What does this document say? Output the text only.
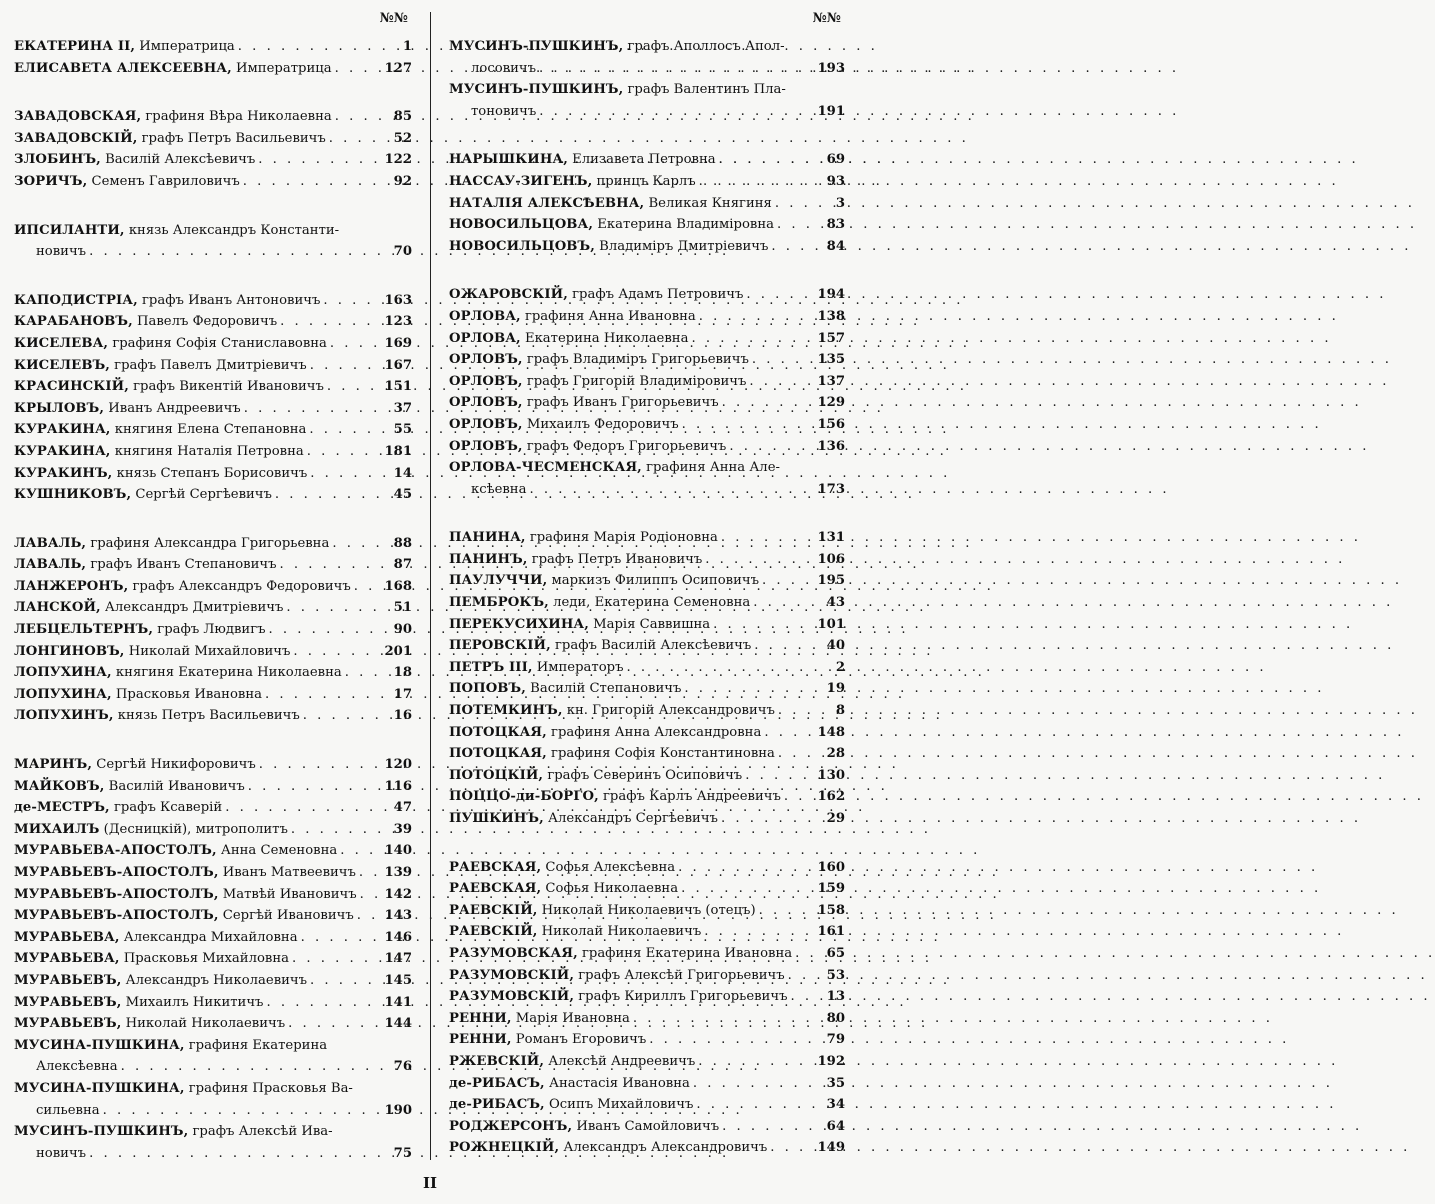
№№
ЕКАТЕРИНА II, Императрица . . .	1
ЕЛИСАВЕТА АЛЕКСЕЕВНА, Императрица . . .	127
ЗАВАДОВСКАЯ, графиня Вѣра Николаевна . . .	85
ЗАВАДОВСКІЙ, графъ Петръ Васильевичъ . . .	52
ЗЛОБИНЪ, Василій Алексѣевичъ . . .	122
ЗОРИЧЪ, Семенъ Гавриловичъ . . .	92
ИПСИЛАНТИ, князь Александръ Константи-
новичъ . . .	70
КАПОДИСТРІА, графъ Иванъ Антоновичъ . . .	163
КАРАБАНОВЪ, Павелъ Федоровичъ . . .	123
КИСЕЛЕВА, графиня Софія Станиславовна . . .	169
КИСЕЛЕВЪ, графъ Павелъ Дмитріевичъ . . .	167
КРАСИНСКІЙ, графъ Викентій Ивановичъ . . .	151
КРЫЛОВЪ, Иванъ Андреевичъ . . .	37
КУРАКИНА, княгиня Елена Степановна . . .	55
КУРАКИНА, княгиня Наталія Петровна . . .	181
КУРАКИНЪ, князь Степанъ Борисовичъ . . .	14
КУШНИКОВЪ, Сергѣй Сергѣевичъ . . .	45
ЛАВАЛЬ, графиня Александра Григорьевна . . .	88
ЛАВАЛЬ, графъ Иванъ Степановичъ . . .	87
ЛАНЖЕРОНЪ, графъ Александръ Федоровичъ . . .	168
ЛАНСКОЙ, Александръ Дмитріевичъ . . .	51
ЛЕБЦЕЛЬТЕРНЪ, графъ Людвигъ . . .	90
ЛОНГИНОВЪ, Николай Михайловичъ . . .	201
ЛОПУХИНА, княгиня Екатерина Николаевна . . .	18
ЛОПУХИНА, Прасковья Ивановна . . .	17
ЛОПУХИНЪ, князь Петръ Васильевичъ . . .	16
МАРИНЪ, Сергѣй Никифоровичъ . . .	120
МАЙКОВЪ, Василій Ивановичъ . . .	116
де-МЕСТРЪ, графъ Ксаверій . . .	47
МИХАИЛЪ (Десницкій), митрополитъ . . .	39
МУРАВЬЕВА-АПОСТОЛЪ, Анна Семеновна . . .	140
МУРАВЬЕВЪ-АПОСТОЛЪ, Иванъ Матвеевичъ . . . 139
МУРАВЬЕВЪ-АПОСТОЛЪ, Матвѣй Ивановичъ . . . 142
МУРАВЬЕВЪ-АПОСТОЛЪ, Сергѣй Ивановичъ . . . 143
МУРАВЬЕВА, Александра Михайловна . . .	146
МУРАВЬЕВА, Прасковья Михайловна . . .	147
МУРАВЬЕВЪ, Александръ Николаевичъ . . .	145
МУРАВЬЕВЪ, Михаилъ Никитичъ . . .	141
МУРАВЬЕВЪ, Николай Николаевичъ . . .	144
МУСИНА-ПУШКИНА, графиня Екатерина
Алексѣевна . . .	76
МУСИНА-ПУШКИНА, графиня Прасковья Ва-
сильевна . . .	190
МУСИНЪ-ПУШКИНЪ, графъ Алексѣй Ива-
новичъ . . .	75
№№
МУСИНЪ-ПУШКИНЪ, графъ Аполлосъ Апол-
лосовичъ . . .	193
МУСИНЪ-ПУШКИНЪ, графъ Валентинъ Пла-
тоновичъ . . .	191
НАРЫШКИНА, Елизавета Петровна . . .	69
НАССАУ-ЗИГЕНЪ, принцъ Карлъ . . .	93
НАТАЛІЯ АЛЕКСѢЕВНА, Великая Княгиня . . .	3
НОВОСИЛЬЦОВА, Екатерина Владиміровна . . .	83
НОВОСИЛЬЦОВЪ, Владиміръ Дмитріевичъ . . .	84
ОЖАРОВСКІЙ, графъ Адамъ Петровичъ . . .	194
ОРЛОВА, графиня Анна Ивановна . . .	138
ОРЛОВА, Екатерина Николаевна . . .	157
ОРЛОВЪ, графъ Владиміръ Григорьевичъ . . .	135
ОРЛОВЪ, графъ Григорій Владиміровичъ . . .	137
ОРЛОВЪ, графъ Иванъ Григорьевичъ . . .	129
ОРЛОВЪ, Михаилъ Федоровичъ . . .	156
ОРЛОВЪ, графъ Федоръ Григорьевичъ . . .	136
ОРЛОВА-ЧЕСМЕНСКАЯ, графиня Анна Але-
ксѣевна . . .	173
ПАНИНА, графиня Марія Родіоновна . . .	131
ПАНИНЪ, графъ Петръ Ивановичъ . . .	106
ПАУЛУЧЧИ, маркизъ Филиппъ Осиповичъ . . .	195
ПЕМБРОКЪ, леди, Екатерина Семеновна . . .	43
ПЕРЕКУСИХИНА, Марія Саввишна . . .	101
ПЕРОВСКІЙ, графъ Василій Алексѣевичъ . . .	40
ПЕТРЪ III, Императоръ . . .	2
ПОПОВЪ, Василій Степановичъ . . .	19
ПОТЕМКИНЪ, кн. Григорій Александровичъ . . .	8
ПОТОЦКАЯ, графиня Анна Александровна . . .	148
ПОТОЦКАЯ, графиня Софія Константиновна . . .	28
ПОТОЦКІЙ, графъ Северинъ Осиповичъ . . .	130
ПОЦЦО-ди-БОРГО, графъ Карлъ Андреевичъ . . .	162
ПУШКИНЪ, Александръ Сергѣевичъ . . .	29
РАЕВСКАЯ, Софья Алексѣевна . . .	160
РАЕВСКАЯ, Софья Николаевна . . .	159
РАЕВСКІЙ, Николай Николаевичъ (отецъ) . . .	158
РАЕВСКІЙ, Николай Николаевичъ . . .	161
РАЗУМОВСКАЯ, графиня Екатерина Ивановна . . .	65
РАЗУМОВСКІЙ, графъ Алексѣй Григорьевичъ . . .	53
РАЗУМОВСКІЙ, графъ Кириллъ Григорьевичъ . . .	13
РЕННИ, Марія Ивановна . . .	80
РЕННИ, Романъ Егоровичъ . . .	79
РЖЕВСКІЙ, Алексѣй Андреевичъ . . .	192
де-РИБАСЪ, Анастасія Ивановна . . .	35
де-РИБАСЪ, Осипъ Михайловичъ . . .	34
РОДЖЕРСОНЪ, Иванъ Самойловичъ . . .	64
РОЖНЕЦКІЙ, Александръ Александровичъ . . .	149
II
